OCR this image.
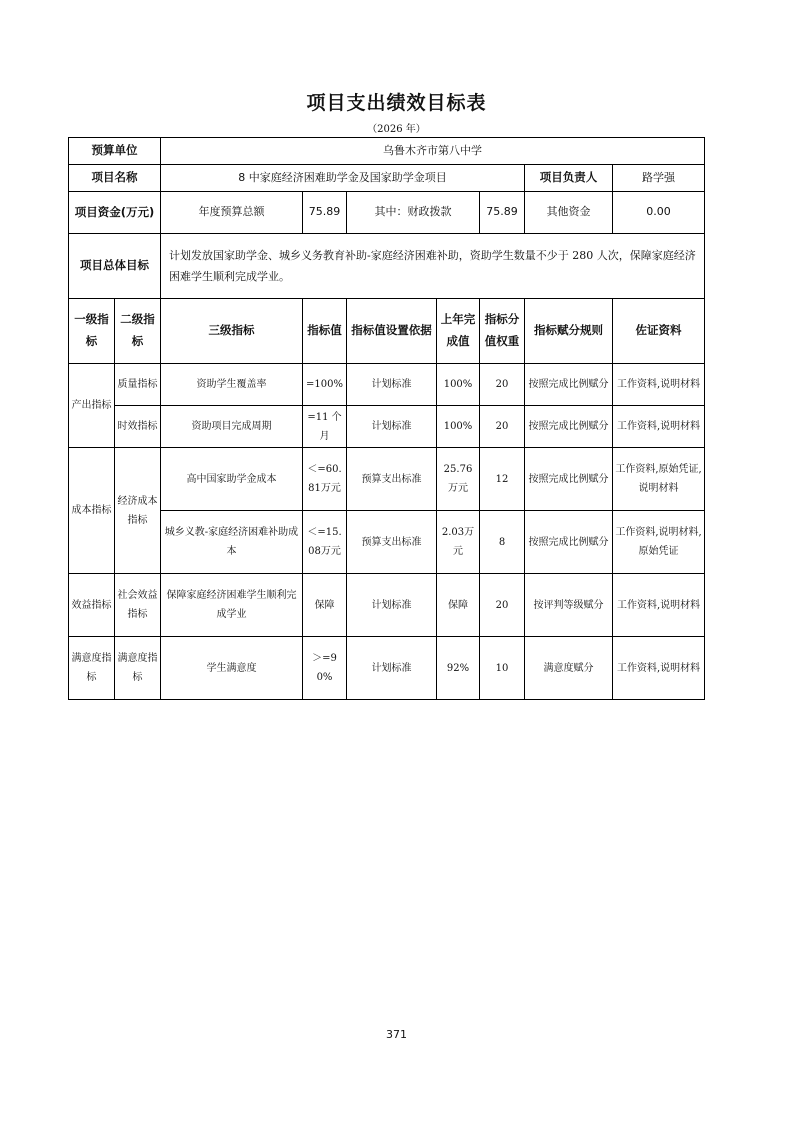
项目支出绩效目标表
（2026 年）
预算单位		乌鲁木齐市第八中学						
项目名称		8 中家庭经济困难助学金及国家助学金项目					项目负责人	路学强
项目资金(万元)		年度预算总额	75.89	其中：财政拨款		75.89	其他资金	0.00
项目总体目标		计划发放国家助学金、城乡义务教育补助-家庭经济困难补助，资助学生数量不少于 280 人次，保障家庭经济困难学生顺利完成学业。						
一级指标	二级指标	三级指标	指标值	指标值设置依据	上年完成值	指标分值权重	指标赋分规则	佐证资料
产出指标	质量指标	资助学生覆盖率	=100%	计划标准	100%	20	按照完成比例赋分	工作资料,说明材料
	时效指标	资助项目完成周期	=11 个月	计划标准	100%	20	按照完成比例赋分	工作资料,说明材料
成本指标	经济成本指标	高中国家助学金成本	＜=60.81万元	预算支出标准	25.76万元	12	按照完成比例赋分	工作资料,原始凭证,说明材料
		城乡义教-家庭经济困难补助成本	＜=15.08万元	预算支出标准	2.03万元	8	按照完成比例赋分	工作资料,说明材料,原始凭证
效益指标	社会效益指标	保障家庭经济困难学生顺利完成学业	保障	计划标准	保障	20	按评判等级赋分	工作资料,说明材料
满意度指标	满意度指标	学生满意度	＞=90%	计划标准	92%	10	满意度赋分	工作资料,说明材料
371
